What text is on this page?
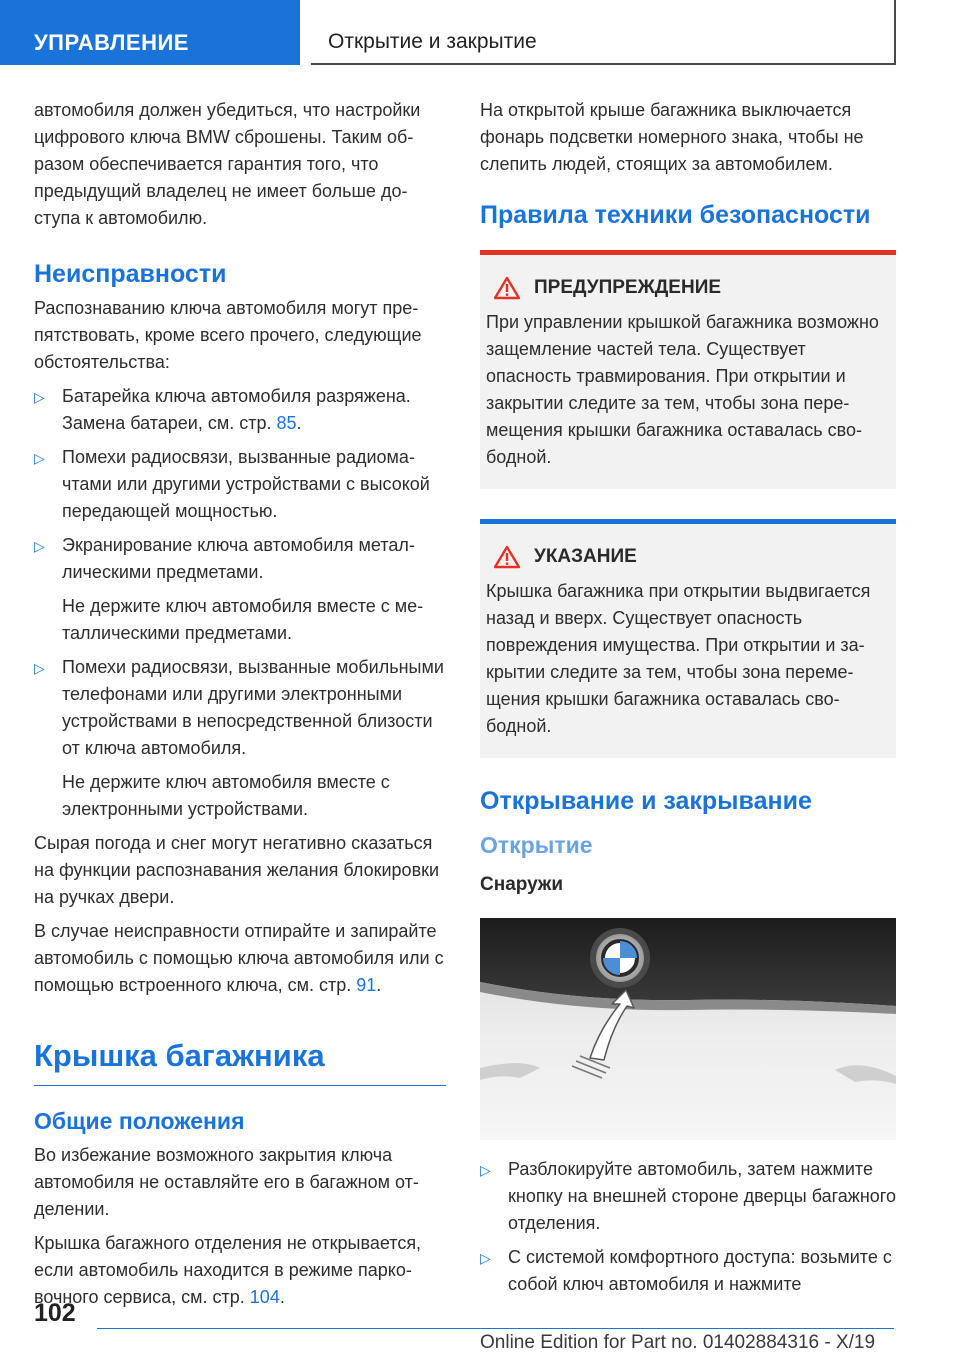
УПРАВЛЕНИЕ	Открытие и закрытие

автомобиля должен убедиться, что настройки цифрового ключа BMW сброшены. Таким образом обеспечивается гарантия того, что предыдущий владелец не имеет больше доступа к автомобилю.

Неисправности

Распознаванию ключа автомобиля могут препятствовать, кроме всего прочего, следующие обстоятельства:

▷ Батарейка ключа автомобиля разряжена. Замена батареи, см. стр. 85.

▷ Помехи радиосвязи, вызванные радиомачтами или другими устройствами с высокой передающей мощностью.

▷ Экранирование ключа автомобиля металлическими предметами.

Не держите ключ автомобиля вместе с металлическими предметами.

▷ Помехи радиосвязи, вызванные мобильными телефонами или другими электронными устройствами в непосредственной близости от ключа автомобиля.

Не держите ключ автомобиля вместе с электронными устройствами.

Сырая погода и снег могут негативно сказаться на функции распознавания желания блокировки на ручках двери.

В случае неисправности отпирайте и запирайте автомобиль с помощью ключа автомобиля или с помощью встроенного ключа, см. стр. 91.

Крышка багажника
Общие положения

Во избежание возможного закрытия ключа автомобиля не оставляйте его в багажном отделении.

Крышка багажного отделения не открывается, если автомобиль находится в режиме парковочного сервиса, см. стр. 104.

На открытой крыше багажника выключается фонарь подсветки номерного знака, чтобы не слепить людей, стоящих за автомобилем.

Правила техники безопасности
ПРЕДУПРЕЖДЕНИЕ

При управлении крышкой багажника возможно защемление частей тела. Существует опасность травмирования. При открытии и закрытии следите за тем, чтобы зона перемещения крышки багажника оставалась свободной.

УКАЗАНИЕ

Крышка багажника при открытии выдвигается назад и вверх. Существует опасность повреждения имущества. При открытии и закрытии следите за тем, чтобы зона перемещения крышки багажника оставалась свободной.

Открывание и закрывание
Открытие
Снаружи
▷ Разблокируйте автомобиль, затем нажмите кнопку на внешней стороне дверцы багажного отделения.

▷ С системой комфортного доступа: возьмите с собой ключ автомобиля и нажмите

102
Online Edition for Part no. 01402884316 - X/19
